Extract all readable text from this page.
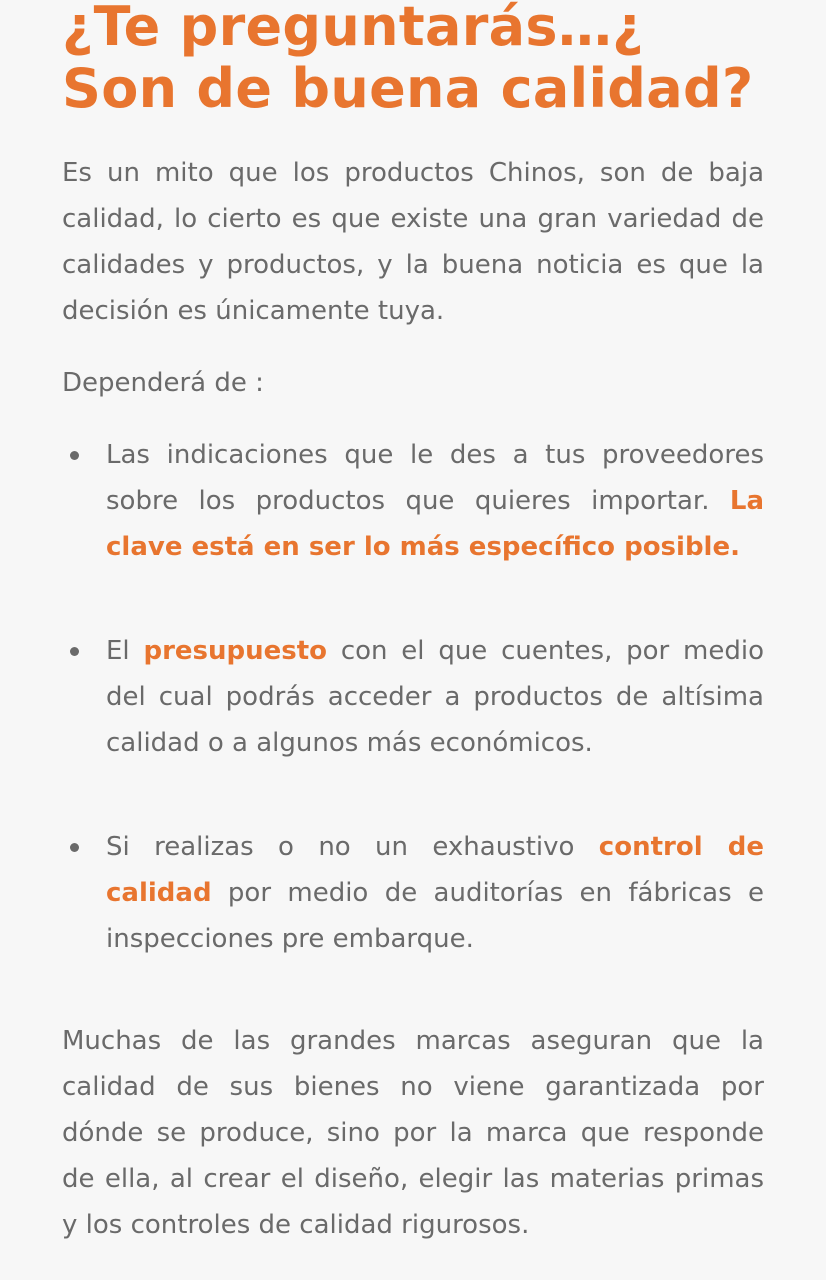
¿Te preguntarás…¿ Son de buena calidad?

Es un mito que los productos Chinos, son de baja calidad, lo cierto es que existe una gran variedad de calidades y productos, y la buena noticia es que la decisión es únicamente tuya.

Dependerá de :

Las indicaciones que le des a tus proveedores sobre los productos que quieres importar. La clave está en ser lo más específico posible.
El presupuesto con el que cuentes, por medio del cual podrás acceder a productos de altísima calidad o a algunos más económicos.
Si realizas o no un exhaustivo control de calidad por medio de auditorías en fábricas e inspecciones pre embarque.

Muchas de las grandes marcas aseguran que la calidad de sus bienes no viene garantizada por dónde se produce, sino por la marca que responde de ella, al crear el diseño, elegir las materias primas y los controles de calidad rigurosos.
